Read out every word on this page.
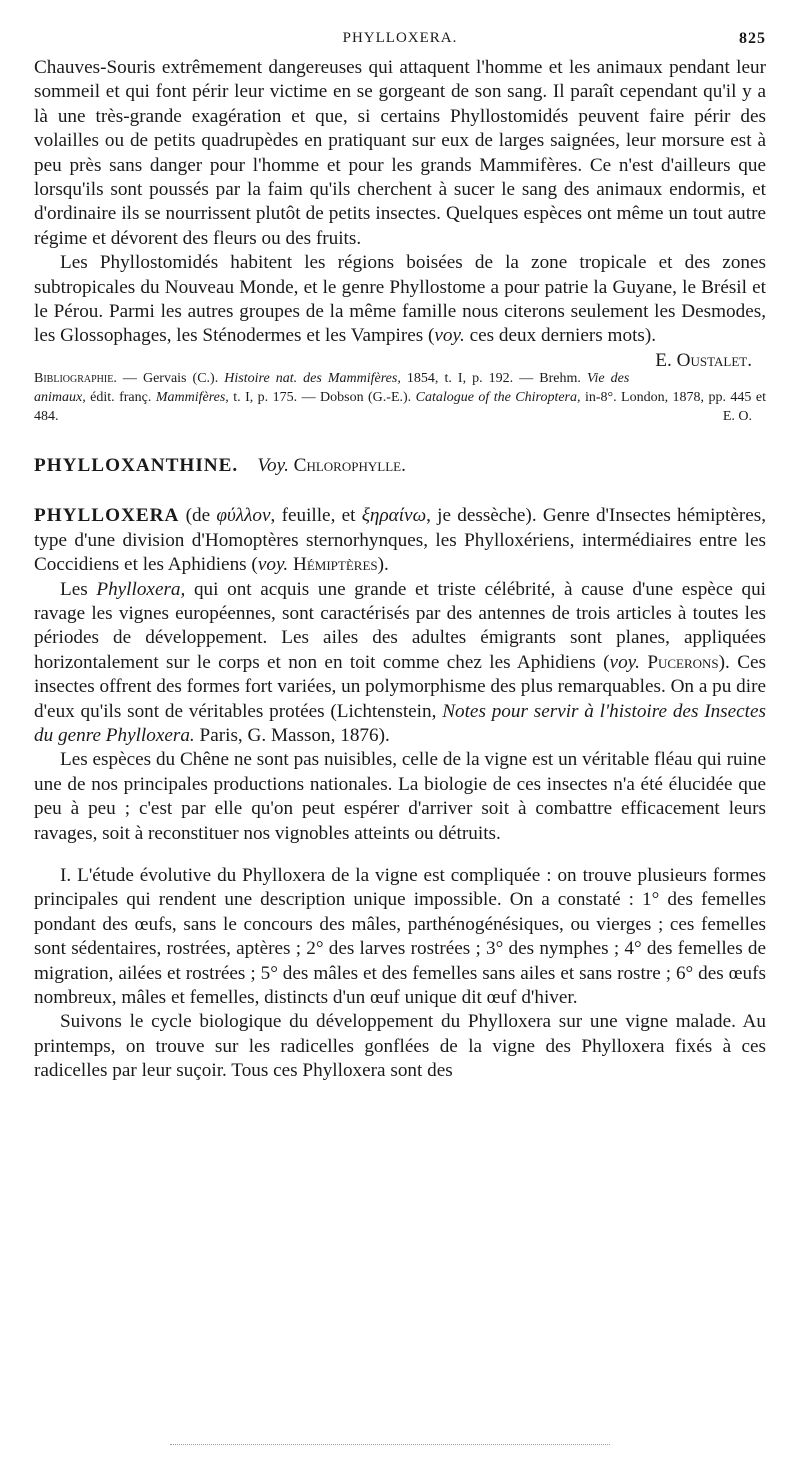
PHYLLOXERA.	825

Chauves-Souris extrêmement dangereuses qui attaquent l'homme et les animaux pendant leur sommeil et qui font périr leur victime en se gorgeant de son sang. Il paraît cependant qu'il y a là une très-grande exagération et que, si certains Phyllostomidés peuvent faire périr des volailles ou de petits quadrupèdes en pratiquant sur eux de larges saignées, leur morsure est à peu près sans danger pour l'homme et pour les grands Mammifères. Ce n'est d'ailleurs que lorsqu'ils sont poussés par la faim qu'ils cherchent à sucer le sang des animaux endormis, et d'ordinaire ils se nourrissent plutôt de petits insectes. Quelques espèces ont même un tout autre régime et dévorent des fleurs ou des fruits.

Les Phyllostomidés habitent les régions boisées de la zone tropicale et des zones subtropicales du Nouveau Monde, et le genre Phyllostome a pour patrie la Guyane, le Brésil et le Pérou. Parmi les autres groupes de la même famille nous citerons seulement les Desmodes, les Glossophages, les Sténodermes et les Vampires (voy. ces deux derniers mots).
E. Oustalet.

Bibliographie. — Gervais (C.). Histoire nat. des Mammifères, 1854, t. I, p. 192. — Brehm. Vie des animaux, édit. franç. Mammifères, t. I, p. 175. — Dobson (G.-E.). Catalogue of the Chiroptera, in-8°. London, 1878, pp. 445 et 484.	E. O.

PHYLLOXANTHINE. Voy. Chlorophylle.

PHYLLOXERA (de φύλλον, feuille, et ξηραίνω, je dessèche). Genre d'Insectes hémiptères, type d'une division d'Homoptères sternorhynques, les Phylloxériens, intermédiaires entre les Coccidiens et les Aphidiens (voy. Hémiptères).

Les Phylloxera, qui ont acquis une grande et triste célébrité, à cause d'une espèce qui ravage les vignes européennes, sont caractérisés par des antennes de trois articles à toutes les périodes de développement. Les ailes des adultes émigrants sont planes, appliquées horizontalement sur le corps et non en toit comme chez les Aphidiens (voy. Pucerons). Ces insectes offrent des formes fort variées, un polymorphisme des plus remarquables. On a pu dire d'eux qu'ils sont de véritables protées (Lichtenstein, Notes pour servir à l'histoire des Insectes du genre Phylloxera. Paris, G. Masson, 1876).

Les espèces du Chêne ne sont pas nuisibles, celle de la vigne est un véritable fléau qui ruine une de nos principales productions nationales. La biologie de ces insectes n'a été élucidée que peu à peu ; c'est par elle qu'on peut espérer d'arriver soit à combattre efficacement leurs ravages, soit à reconstituer nos vignobles atteints ou détruits.

I. L'étude évolutive du Phylloxera de la vigne est compliquée : on trouve plusieurs formes principales qui rendent une description unique impossible. On a constaté : 1° des femelles pondant des œufs, sans le concours des mâles, parthénogénésiques, ou vierges ; ces femelles sont sédentaires, rostrées, aptères ; 2° des larves rostrées ; 3° des nymphes ; 4° des femelles de migration, ailées et rostrées ; 5° des mâles et des femelles sans ailes et sans rostre ; 6° des œufs nombreux, mâles et femelles, distincts d'un œuf unique dit œuf d'hiver.

Suivons le cycle biologique du développement du Phylloxera sur une vigne malade. Au printemps, on trouve sur les radicelles gonflées de la vigne des Phylloxera fixés à ces radicelles par leur suçoir. Tous ces Phylloxera sont des
